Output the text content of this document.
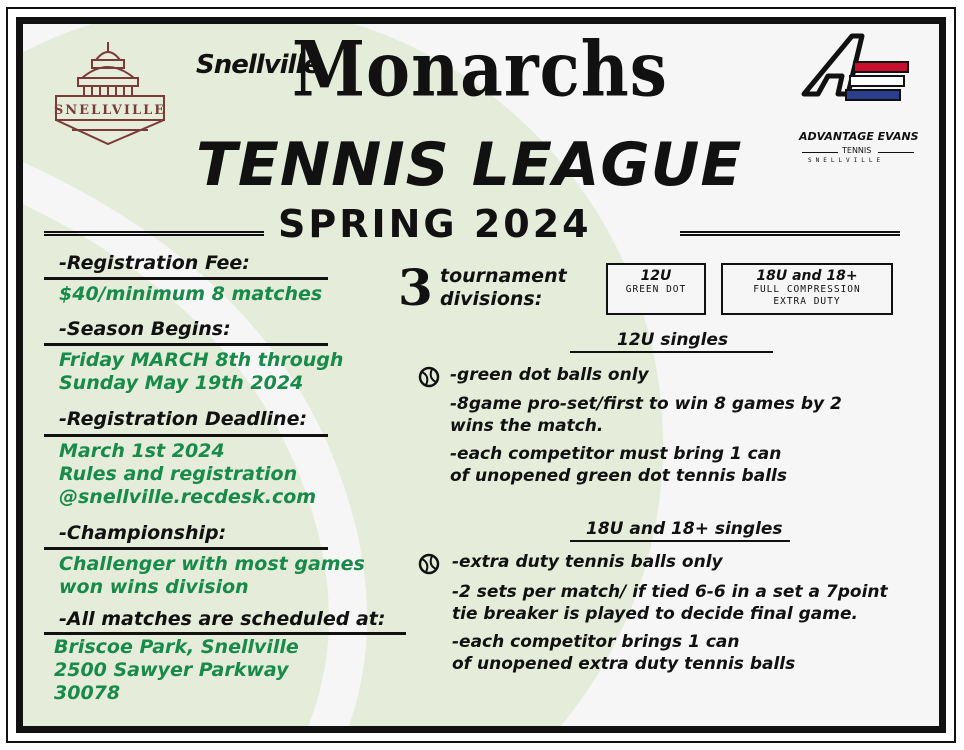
SNELLVILLE

Snellville

Monarchs

TENNIS LEAGUE

SPRING 2024

ADVANTAGE EVANS

TENNIS

SNELLVILLE

-Registration Fee:

$40/minimum 8 matches

-Season Begins:

Friday MARCH 8th through
Sunday May 19th 2024

-Registration Deadline:

March 1st 2024
Rules and registration
@snellville.recdesk.com

-Championship:

Challenger with most games
won wins division

-All matches are scheduled at:

Briscoe Park, Snellville
2500 Sawyer Parkway
30078

3 tournament
divisions:

12U
GREEN DOT
18U and 18+
FULL COMPRESSION
EXTRA DUTY

12U singles

-green dot balls only

-8game pro-set/first to win 8 games by 2
wins the match.

-each competitor must bring 1 can
of unopened green dot tennis balls

18U and 18+ singles

-extra duty tennis balls only

-2 sets per match/ if tied 6-6 in a set a 7point
tie breaker is played to decide final game.

-each competitor brings 1 can
of unopened extra duty tennis balls
